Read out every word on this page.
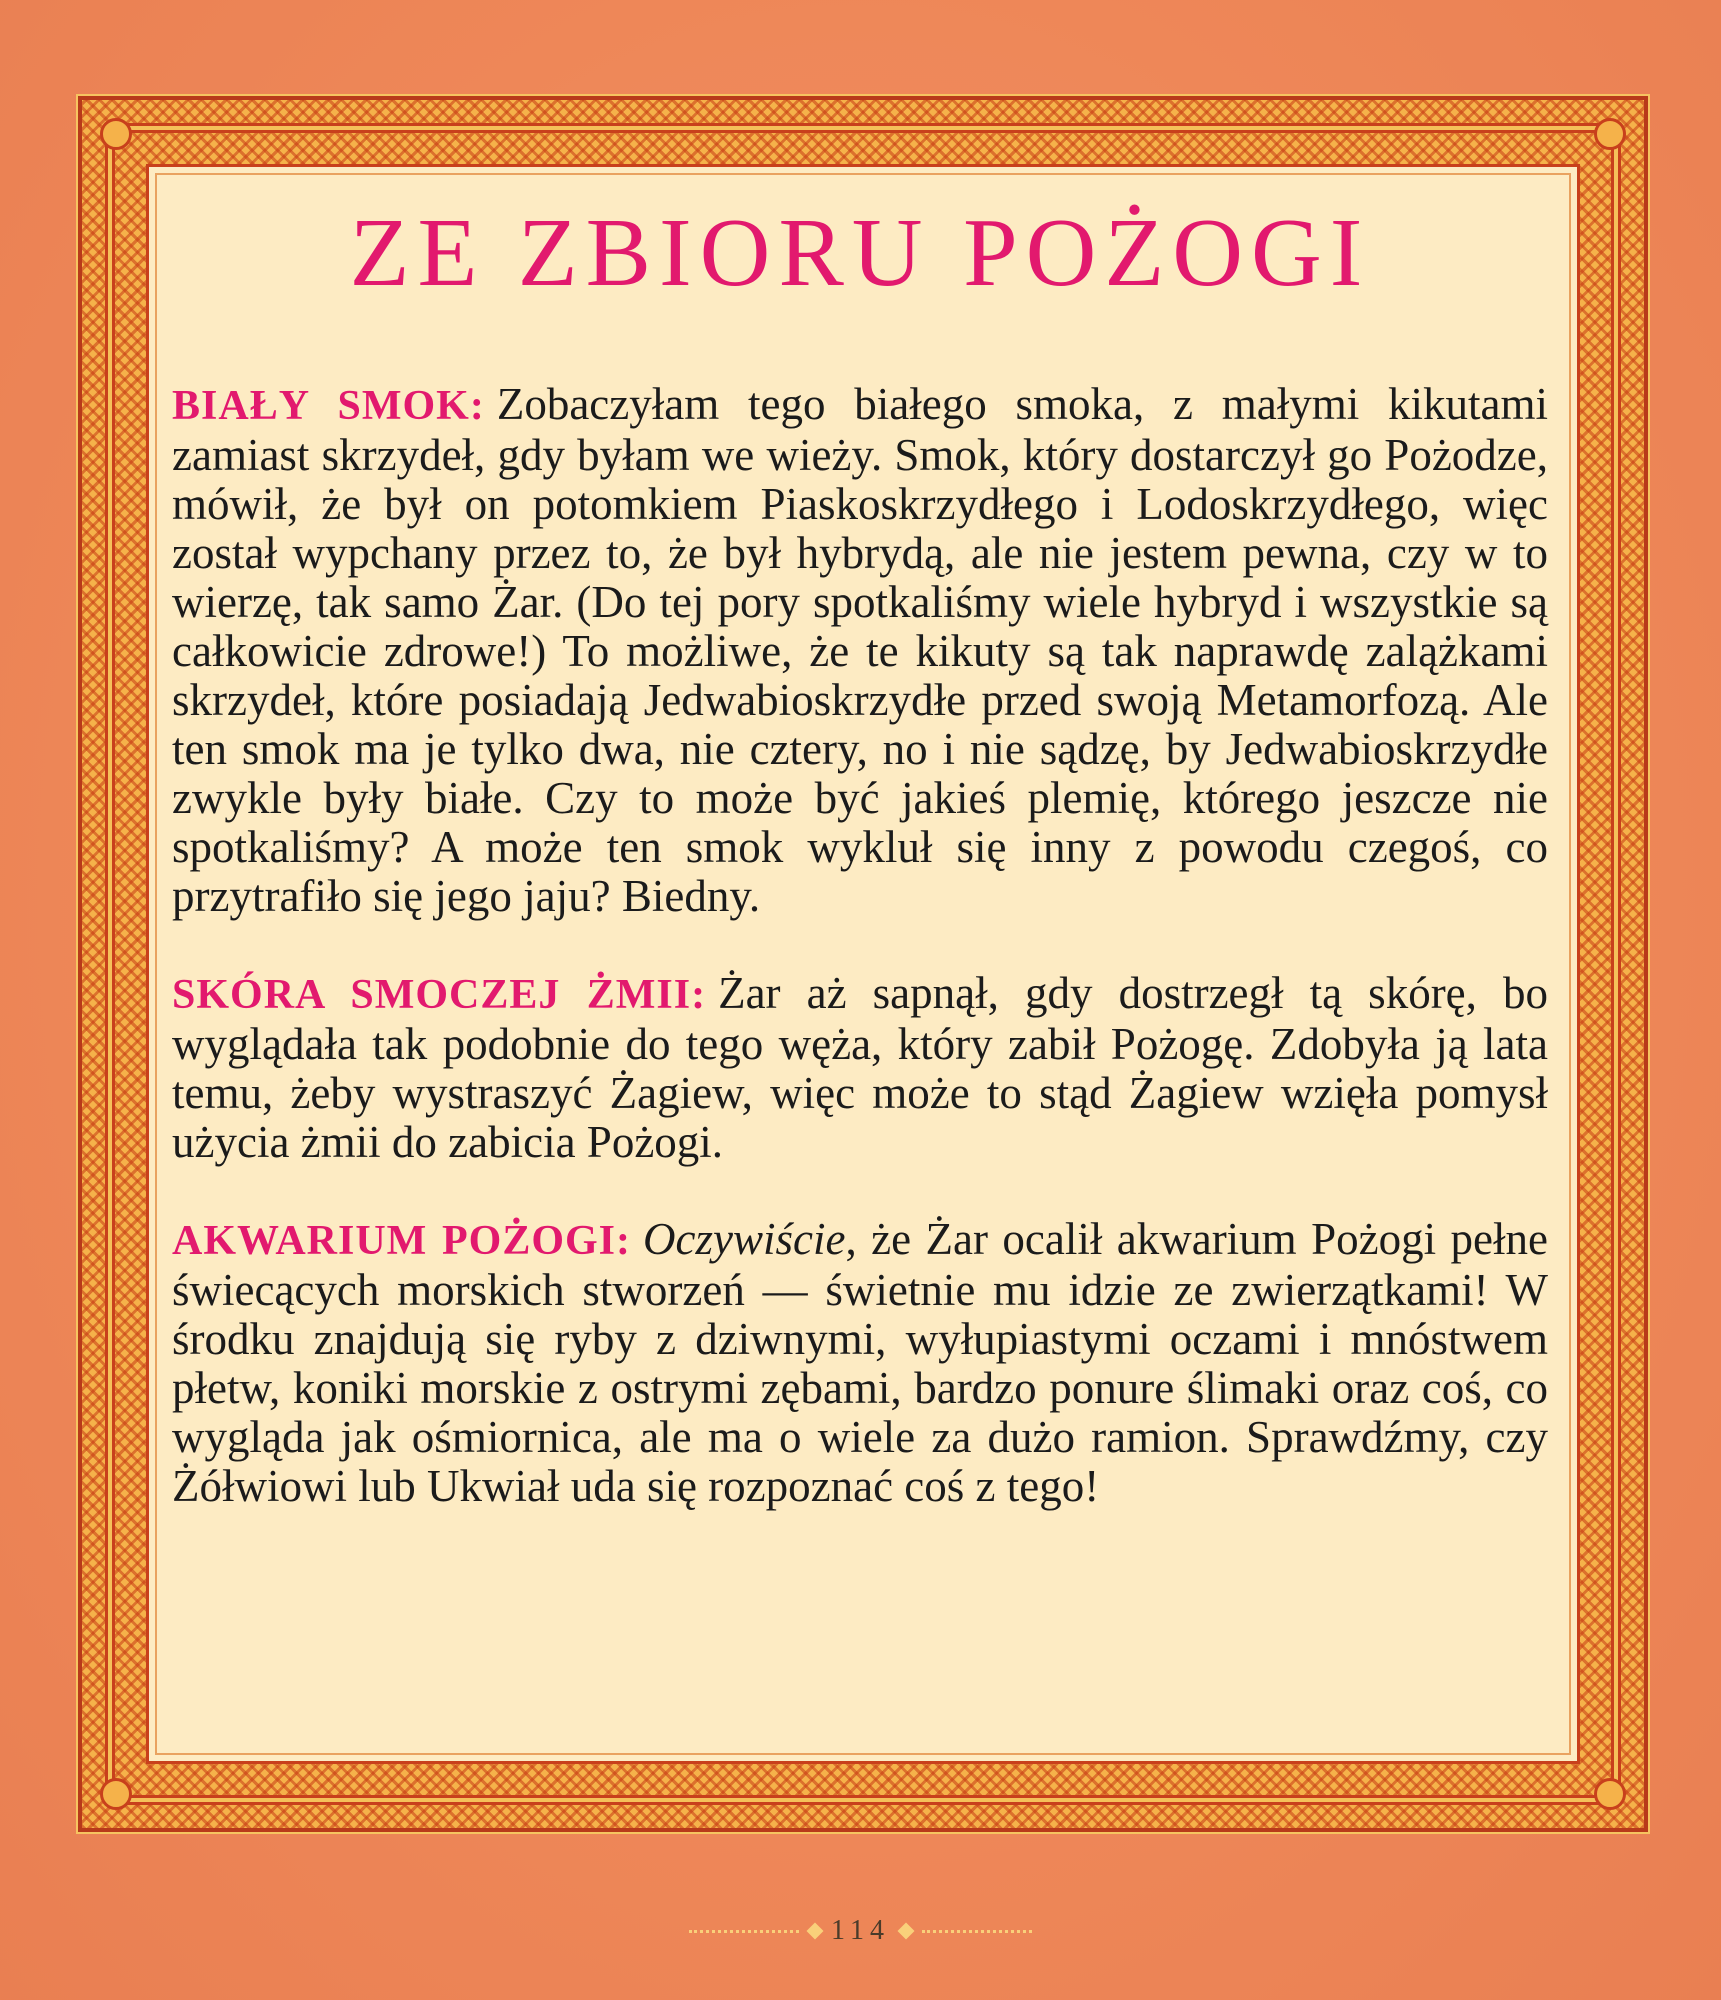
ZE ZBIORU POŻOGI

BIAŁY SMOK: Zobaczyłam tego białego smoka, z małymi kikutami zamiast skrzydeł, gdy byłam we wieży. Smok, który dostarczył go Pożodze, mówił, że był on potomkiem Piaskoskrzydłego i Lodoskrzydłego, więc został wypchany przez to, że był hybrydą, ale nie jestem pewna, czy w to wierzę, tak samo Żar. (Do tej pory spotkaliśmy wiele hybryd i wszystkie są całkowicie zdrowe!) To możliwe, że te kikuty są tak naprawdę zalążkami skrzydeł, które posiadają Jedwabioskrzydłe przed swoją Metamorfozą. Ale ten smok ma je tylko dwa, nie cztery, no i nie sądzę, by Jedwabioskrzydłe zwykle były białe. Czy to może być jakieś plemię, którego jeszcze nie spotkaliśmy? A może ten smok wykluł się inny z powodu czegoś, co przytrafiło się jego jaju? Biedny.

SKÓRA SMOCZEJ ŻMII: Żar aż sapnął, gdy dostrzegł tą skórę, bo wyglądała tak podobnie do tego węża, który zabił Pożogę. Zdobyła ją lata temu, żeby wystraszyć Żagiew, więc może to stąd Żagiew wzięła pomysł użycia żmii do zabicia Pożogi.

AKWARIUM POŻOGI: Oczywiście, że Żar ocalił akwarium Pożogi pełne świecących morskich stworzeń — świetnie mu idzie ze zwierzątkami! W środku znajdują się ryby z dziwnymi, wyłupiastymi oczami i mnóstwem płetw, koniki morskie z ostrymi zębami, bardzo ponure ślimaki oraz coś, co wygląda jak ośmiornica, ale ma o wiele za dużo ramion. Sprawdźmy, czy Żółwiowi lub Ukwiał uda się rozpoznać coś z tego!

114
